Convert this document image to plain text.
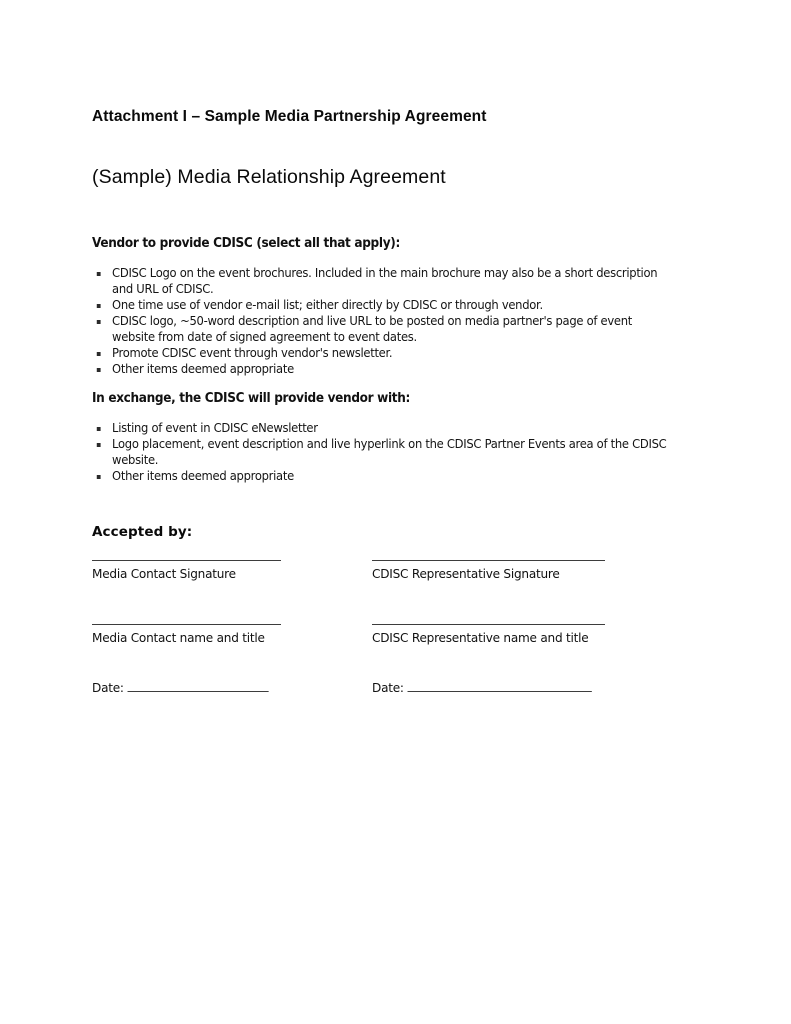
Attachment I – Sample Media Partnership Agreement
(Sample) Media Relationship Agreement
Vendor to provide CDISC (select all that apply):
CDISC Logo on the event brochures. Included in the main brochure may also be a short description and URL of CDISC.
One time use of vendor e-mail list; either directly by CDISC or through vendor.
CDISC logo, ~50-word description and live URL to be posted on media partner's page of event website from date of signed agreement to event dates.
Promote CDISC event through vendor's newsletter.
Other items deemed appropriate
In exchange, the CDISC will provide vendor with:
Listing of event in CDISC eNewsletter
Logo placement, event description and live hyperlink on the CDISC Partner Events area of the CDISC website.
Other items deemed appropriate
Accepted by:
Media Contact Signature	CDISC Representative Signature
Media Contact name and title	CDISC Representative name and title
Date:	Date:
